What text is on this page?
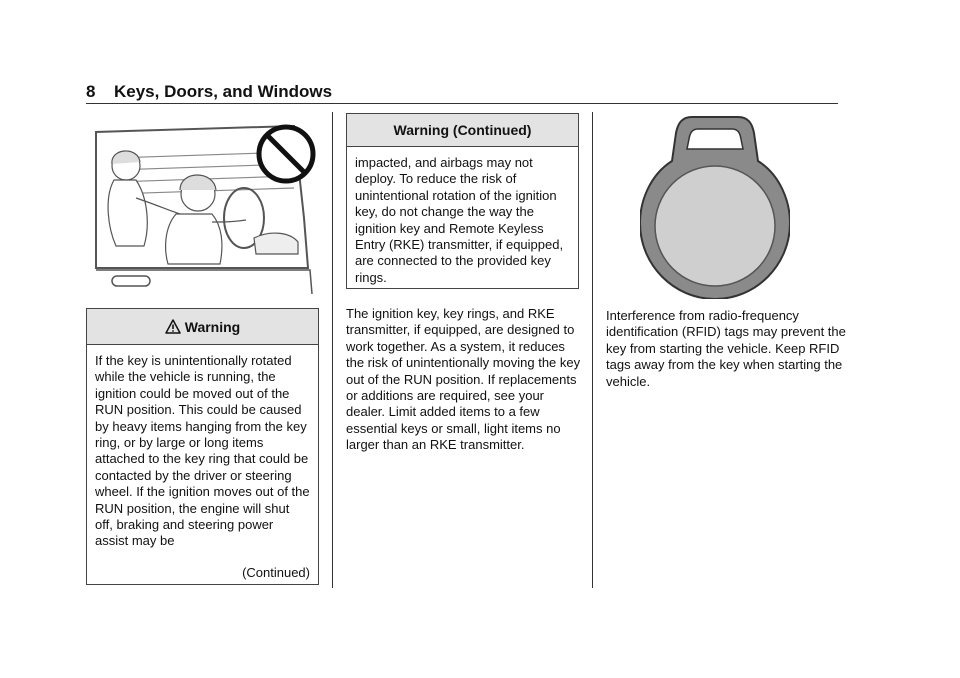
8 Keys, Doors, and Windows
Warning
If the key is unintentionally rotated while the vehicle is running, the ignition could be moved out of the RUN position. This could be caused by heavy items hanging from the key ring, or by large or long items attached to the key ring that could be contacted by the driver or steering wheel. If the ignition moves out of the RUN position, the engine will shut off, braking and steering power assist may be
(Continued)
Warning (Continued)
impacted, and airbags may not deploy. To reduce the risk of unintentional rotation of the ignition key, do not change the way the ignition key and Remote Keyless Entry (RKE) transmitter, if equipped, are connected to the provided key rings.
The ignition key, key rings, and RKE transmitter, if equipped, are designed to work together. As a system, it reduces the risk of unintentionally moving the key out of the RUN position. If replacements or additions are required, see your dealer. Limit added items to a few essential keys or small, light items no larger than an RKE transmitter.
Interference from radio-frequency identification (RFID) tags may prevent the key from starting the vehicle. Keep RFID tags away from the key when starting the vehicle.
